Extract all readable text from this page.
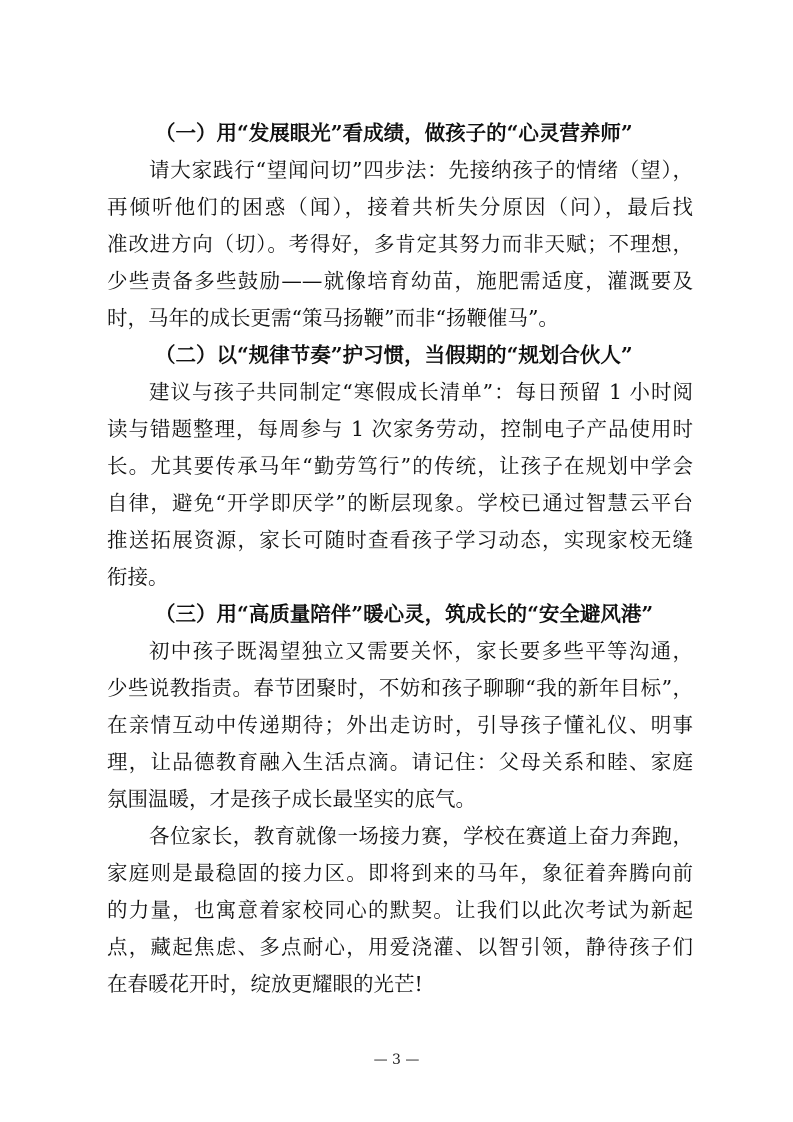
（一）用“发展眼光”看成绩，做孩子的“心灵营养师”
请大家践行“望闻问切”四步法：先接纳孩子的情绪（望），
再倾听他们的困惑（闻），接着共析失分原因（问），最后找
准改进方向（切）。考得好，多肯定其努力而非天赋；不理想，
少些责备多些鼓励——就像培育幼苗，施肥需适度，灌溉要及
时，马年的成长更需“策马扬鞭”而非“扬鞭催马”。
（二）以“规律节奏”护习惯，当假期的“规划合伙人”
建议与孩子共同制定“寒假成长清单”：每日预留 1 小时阅
读与错题整理，每周参与 1 次家务劳动，控制电子产品使用时
长。尤其要传承马年“勤劳笃行”的传统，让孩子在规划中学会
自律，避免“开学即厌学”的断层现象。学校已通过智慧云平台
推送拓展资源，家长可随时查看孩子学习动态，实现家校无缝
衔接。
（三）用“高质量陪伴”暖心灵，筑成长的“安全避风港”
初中孩子既渴望独立又需要关怀，家长要多些平等沟通，
少些说教指责。春节团聚时，不妨和孩子聊聊“我的新年目标”，
在亲情互动中传递期待；外出走访时，引导孩子懂礼仪、明事
理，让品德教育融入生活点滴。请记住：父母关系和睦、家庭
氛围温暖，才是孩子成长最坚实的底气。
各位家长，教育就像一场接力赛，学校在赛道上奋力奔跑，
家庭则是最稳固的接力区。即将到来的马年，象征着奔腾向前
的力量，也寓意着家校同心的默契。让我们以此次考试为新起
点，藏起焦虑、多点耐心，用爱浇灌、以智引领，静待孩子们
在春暖花开时，绽放更耀眼的光芒!
— 3 —
